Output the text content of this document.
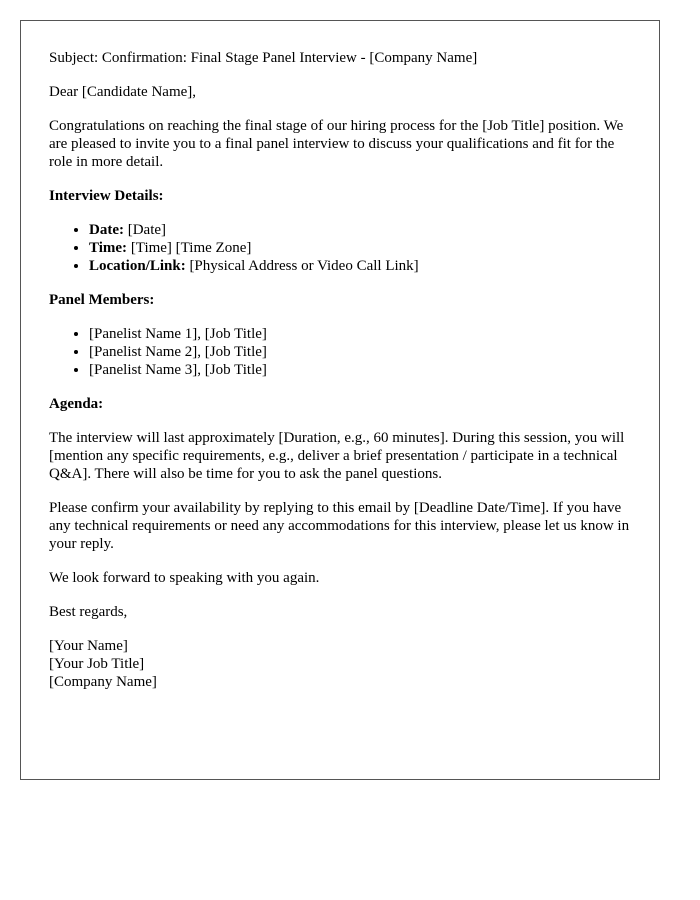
Subject: Confirmation: Final Stage Panel Interview - [Company Name]

Dear [Candidate Name],

Congratulations on reaching the final stage of our hiring process for the [Job Title] position. We are pleased to invite you to a final panel interview to discuss your qualifications and fit for the role in more detail.

Interview Details:
• Date: [Date]
• Time: [Time] [Time Zone]
• Location/Link: [Physical Address or Video Call Link]
Panel Members:
• [Panelist Name 1], [Job Title]
• [Panelist Name 2], [Job Title]
• [Panelist Name 3], [Job Title]
Agenda:

The interview will last approximately [Duration, e.g., 60 minutes]. During this session, you will [mention any specific requirements, e.g., deliver a brief presentation / participate in a technical Q&A]. There will also be time for you to ask the panel questions.

Please confirm your availability by replying to this email by [Deadline Date/Time]. If you have any technical requirements or need any accommodations for this interview, please let us know in your reply.

We look forward to speaking with you again.

Best regards,

[Your Name]
[Your Job Title]
[Company Name]
